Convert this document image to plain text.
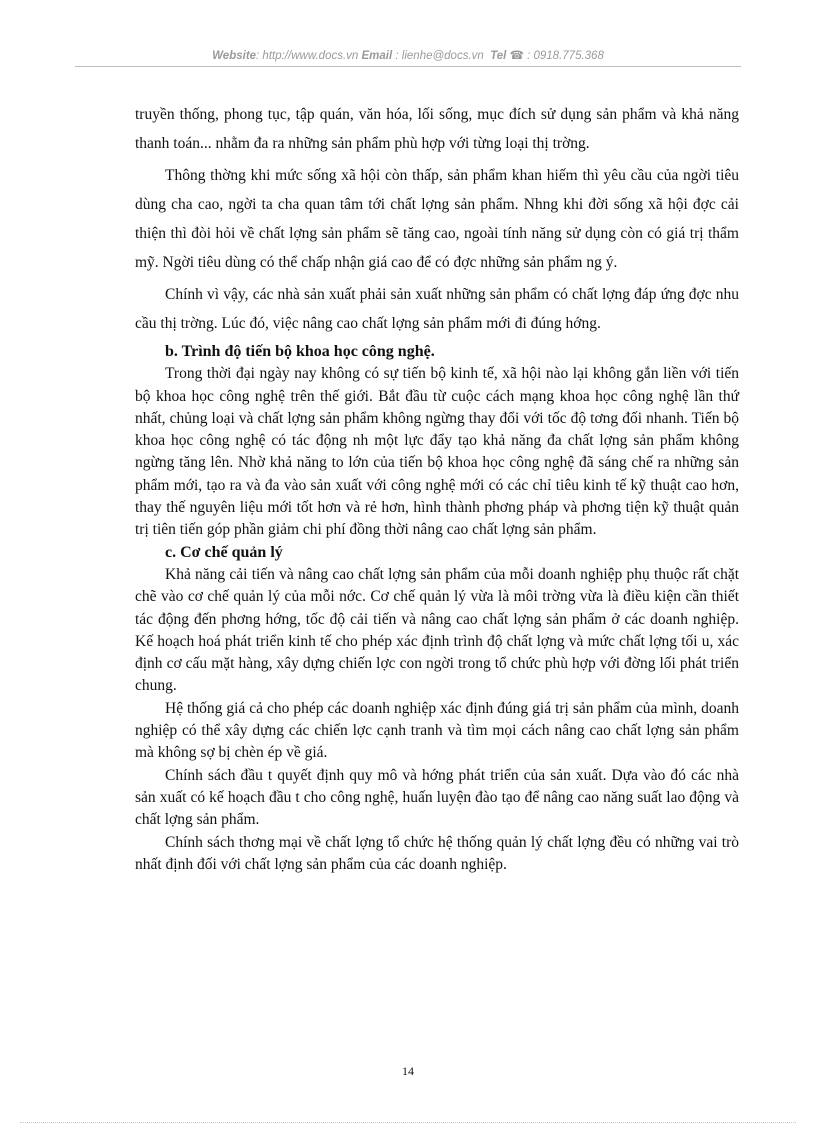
Website: http://www.docs.vn Email : lienhe@docs.vn Tel ☎ : 0918.775.368

truyền thống, phong tục, tập quán, văn hóa, lối sống, mục đích sử dụng sản phẩm và khả năng thanh toán... nhằm đa ra những sản phẩm phù hợp với từng loại thị trờng.

Thông thờng khi mức sống xã hội còn thấp, sản phẩm khan hiếm thì yêu cầu của ngời tiêu dùng cha cao, ngời ta cha quan tâm tới chất lợng sản phẩm. Nhng khi đời sống xã hội đợc cải thiện thì đòi hỏi về chất lợng sản phẩm sẽ tăng cao, ngoài tính năng sử dụng còn có giá trị thẩm mỹ. Ngời tiêu dùng có thể chấp nhận giá cao để có đợc những sản phẩm ng ý.

Chính vì vậy, các nhà sản xuất phải sản xuất những sản phẩm có chất lợng đáp ứng đợc nhu cầu thị trờng. Lúc đó, việc nâng cao chất lợng sản phẩm mới đi đúng hớng.

b. Trình độ tiến bộ khoa học công nghệ.

Trong thời đại ngày nay không có sự tiến bộ kinh tế, xã hội nào lại không gắn liền với tiến bộ khoa học công nghệ trên thế giới. Bắt đầu từ cuộc cách mạng khoa học công nghệ lần thứ nhất, chủng loại và chất lợng sản phẩm không ngừng thay đổi với tốc độ tơng đối nhanh. Tiến bộ khoa học công nghệ có tác động nh một lực đẩy tạo khả năng đa chất lợng sản phẩm không ngừng tăng lên. Nhờ khả năng to lớn của tiến bộ khoa học công nghệ đã sáng chế ra những sản phẩm mới, tạo ra và đa vào sản xuất với công nghệ mới có các chỉ tiêu kinh tế kỹ thuật cao hơn, thay thế nguyên liệu mới tốt hơn và rẻ hơn, hình thành phơng pháp và phơng tiện kỹ thuật quản trị tiên tiến góp phần giảm chi phí đồng thời nâng cao chất lợng sản phẩm.

c. Cơ chế quản lý

Khả năng cải tiến và nâng cao chất lợng sản phẩm của mỗi doanh nghiệp phụ thuộc rất chặt chẽ vào cơ chế quản lý của mỗi nớc. Cơ chế quản lý vừa là môi trờng vừa là điều kiện cần thiết tác động đến phơng hớng, tốc độ cải tiến và nâng cao chất lợng sản phẩm ở các doanh nghiệp. Kế hoạch hoá phát triển kinh tế cho phép xác định trình độ chất lợng và mức chất lợng tối u, xác định cơ cấu mặt hàng, xây dựng chiến lợc con ngời trong tổ chức phù hợp với đờng lối phát triển chung.

Hệ thống giá cả cho phép các doanh nghiệp xác định đúng giá trị sản phẩm của mình, doanh nghiệp có thể xây dựng các chiến lợc cạnh tranh và tìm mọi cách nâng cao chất lợng sản phẩm mà không sợ bị chèn ép về giá.

Chính sách đầu t quyết định quy mô và hớng phát triển của sản xuất. Dựa vào đó các nhà sản xuất có kế hoạch đầu t cho công nghệ, huấn luyện đào tạo để nâng cao năng suất lao động và chất lợng sản phẩm.

Chính sách thơng mại về chất lợng tổ chức hệ thống quản lý chất lợng đều có những vai trò nhất định đối với chất lợng sản phẩm của các doanh nghiệp.

14
